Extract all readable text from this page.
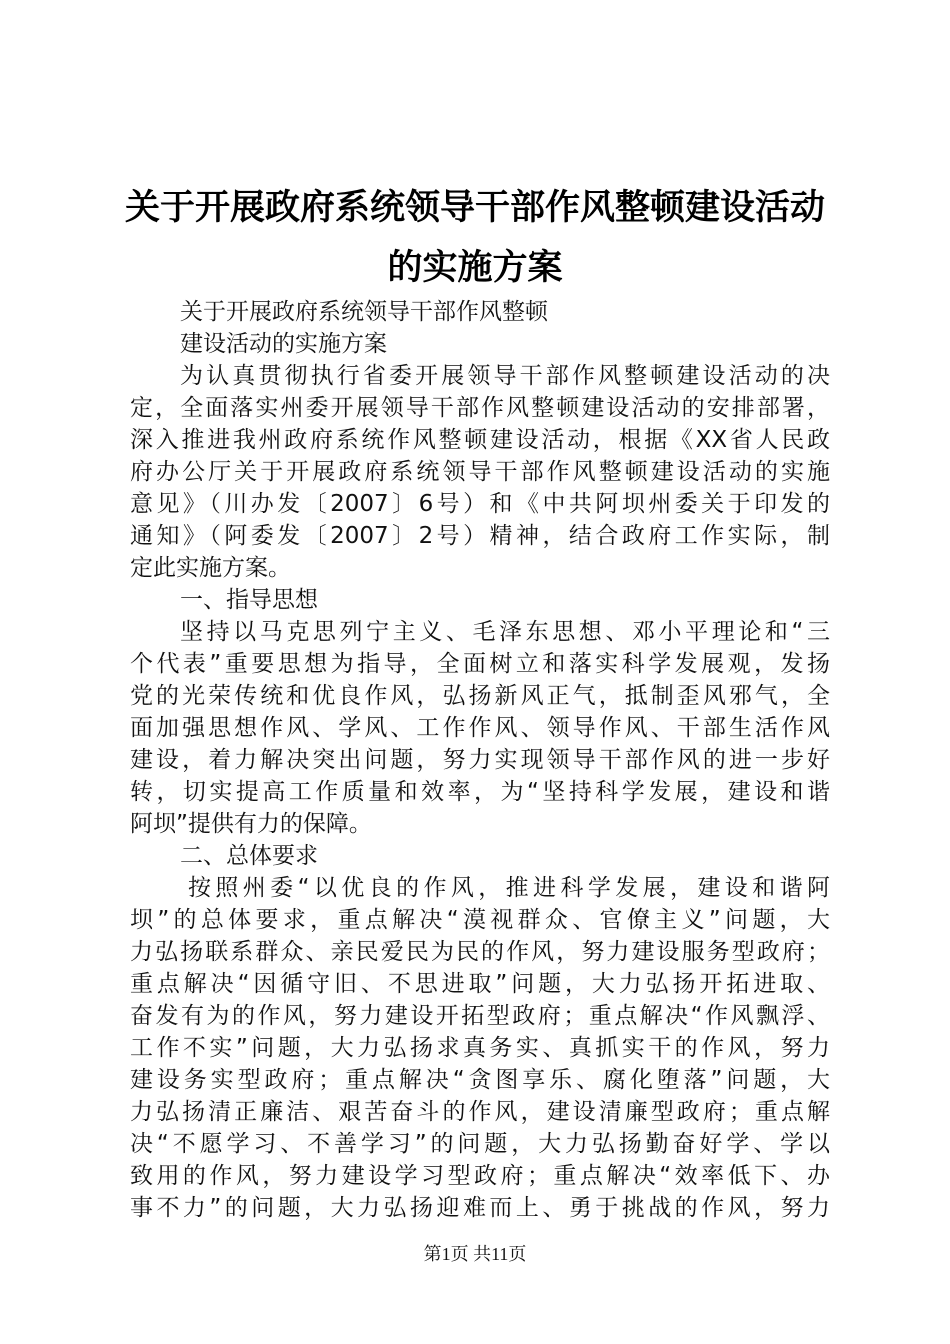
关于开展政府系统领导干部作风整顿建设活动
的实施方案
关于开展政府系统领导干部作风整顿
建设活动的实施方案
为认真贯彻执行省委开展领导干部作风整顿建设活动的决
定，全面落实州委开展领导干部作风整顿建设活动的安排部署，
深入推进我州政府系统作风整顿建设活动，根据《XX省人民政
府办公厅关于开展政府系统领导干部作风整顿建设活动的实施
意见》（川办发〔2007〕6号）和《中共阿坝州委关于印发的
通知》（阿委发〔2007〕2号）精神，结合政府工作实际，制
定此实施方案。
一、指导思想
坚持以马克思列宁主义、毛泽东思想、邓小平理论和“三
个代表”重要思想为指导，全面树立和落实科学发展观，发扬
党的光荣传统和优良作风，弘扬新风正气，抵制歪风邪气，全
面加强思想作风、学风、工作作风、领导作风、干部生活作风
建设，着力解决突出问题，努力实现领导干部作风的进一步好
转，切实提高工作质量和效率，为“坚持科学发展，建设和谐
阿坝”提供有力的保障。
二、总体要求
按照州委“以优良的作风，推进科学发展，建设和谐阿
坝”的总体要求，重点解决“漠视群众、官僚主义”问题，大
力弘扬联系群众、亲民爱民为民的作风，努力建设服务型政府；
重点解决“因循守旧、不思进取”问题，大力弘扬开拓进取、
奋发有为的作风，努力建设开拓型政府；重点解决“作风飘浮、
工作不实”问题，大力弘扬求真务实、真抓实干的作风，努力
建设务实型政府；重点解决“贪图享乐、腐化堕落”问题，大
力弘扬清正廉洁、艰苦奋斗的作风，建设清廉型政府；重点解
决“不愿学习、不善学习”的问题，大力弘扬勤奋好学、学以
致用的作风，努力建设学习型政府；重点解决“效率低下、办
事不力”的问题，大力弘扬迎难而上、勇于挑战的作风，努力
第1页 共11页
